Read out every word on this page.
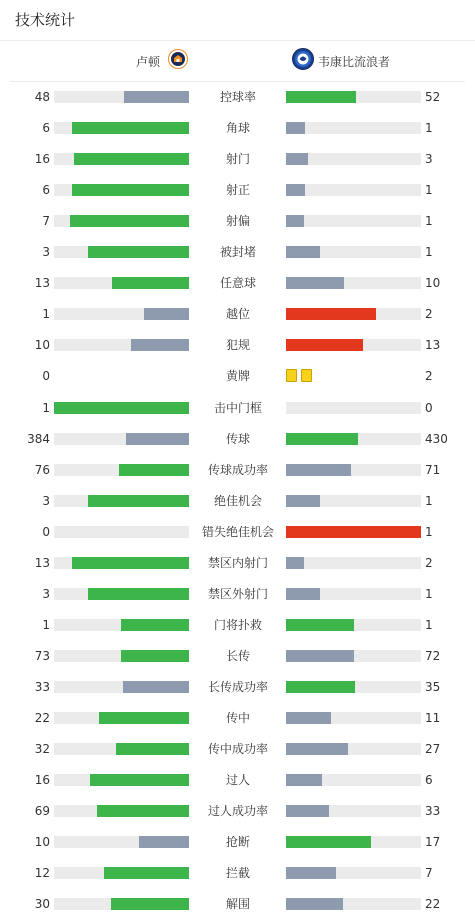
技术统计
卢顿	韦康比流浪者
48	控球率	52
6	角球	1
16	射门	3
6	射正	1
7	射偏	1
3	被封堵	1
13	任意球	10
1	越位	2
10	犯规	13
0	黄牌	2
1	击中门框	0
384	传球	430
76	传球成功率	71
3	绝佳机会	1
0	错失绝佳机会	1
13	禁区内射门	2
3	禁区外射门	1
1	门将扑救	1
73	长传	72
33	长传成功率	35
22	传中	11
32	传中成功率	27
16	过人	6
69	过人成功率	33
10	抢断	17
12	拦截	7
30	解围	22
